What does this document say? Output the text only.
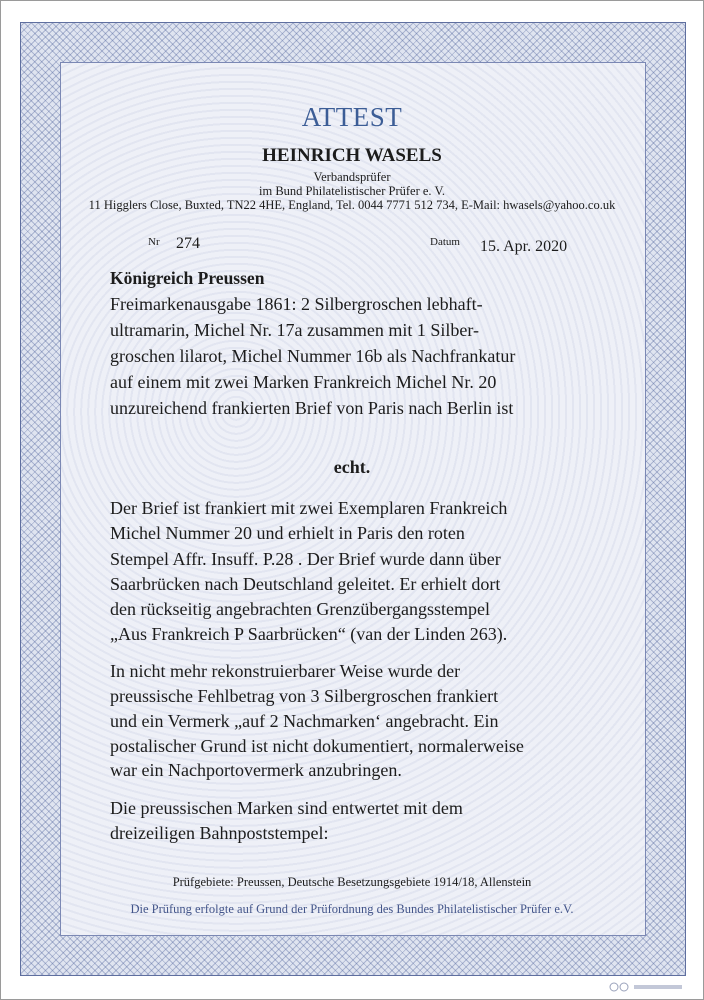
ATTEST
HEINRICH WASELS
Verbandsprüfer
im Bund Philatelistischer Prüfer e. V.
11 Higglers Close, Buxted, TN22 4HE, England, Tel. 0044 7771 512 734, E-Mail: hwasels@yahoo.co.uk
Nr 274	Datum 15. Apr. 2020
Königreich Preussen
Freimarkenausgabe 1861: 2 Silbergroschen lebhaft-
ultramarin, Michel Nr. 17a zusammen mit 1 Silber-
groschen lilarot, Michel Nummer 16b als Nachfrankatur
auf einem mit zwei Marken Frankreich Michel Nr. 20
unzureichend frankierten Brief von Paris nach Berlin ist
echt.
Der Brief ist frankiert mit zwei Exemplaren Frankreich
Michel Nummer 20 und erhielt in Paris den roten
Stempel Affr. Insuff. P.28 . Der Brief wurde dann über
Saarbrücken nach Deutschland geleitet. Er erhielt dort
den rückseitig angebrachten Grenzübergangsstempel
„Aus Frankreich P Saarbrücken“ (van der Linden 263).
In nicht mehr rekonstruierbarer Weise wurde der
preussische Fehlbetrag von 3 Silbergroschen frankiert
und ein Vermerk „auf 2 Nachmarken‘ angebracht. Ein
postalischer Grund ist nicht dokumentiert, normalerweise
war ein Nachportovermerk anzubringen.
Die preussischen Marken sind entwertet mit dem
dreizeiligen Bahnpoststempel:
Prüfgebiete: Preussen, Deutsche Besetzungsgebiete 1914/18, Allenstein
Die Prüfung erfolgte auf Grund der Prüfordnung des Bundes Philatelistischer Prüfer e.V.
